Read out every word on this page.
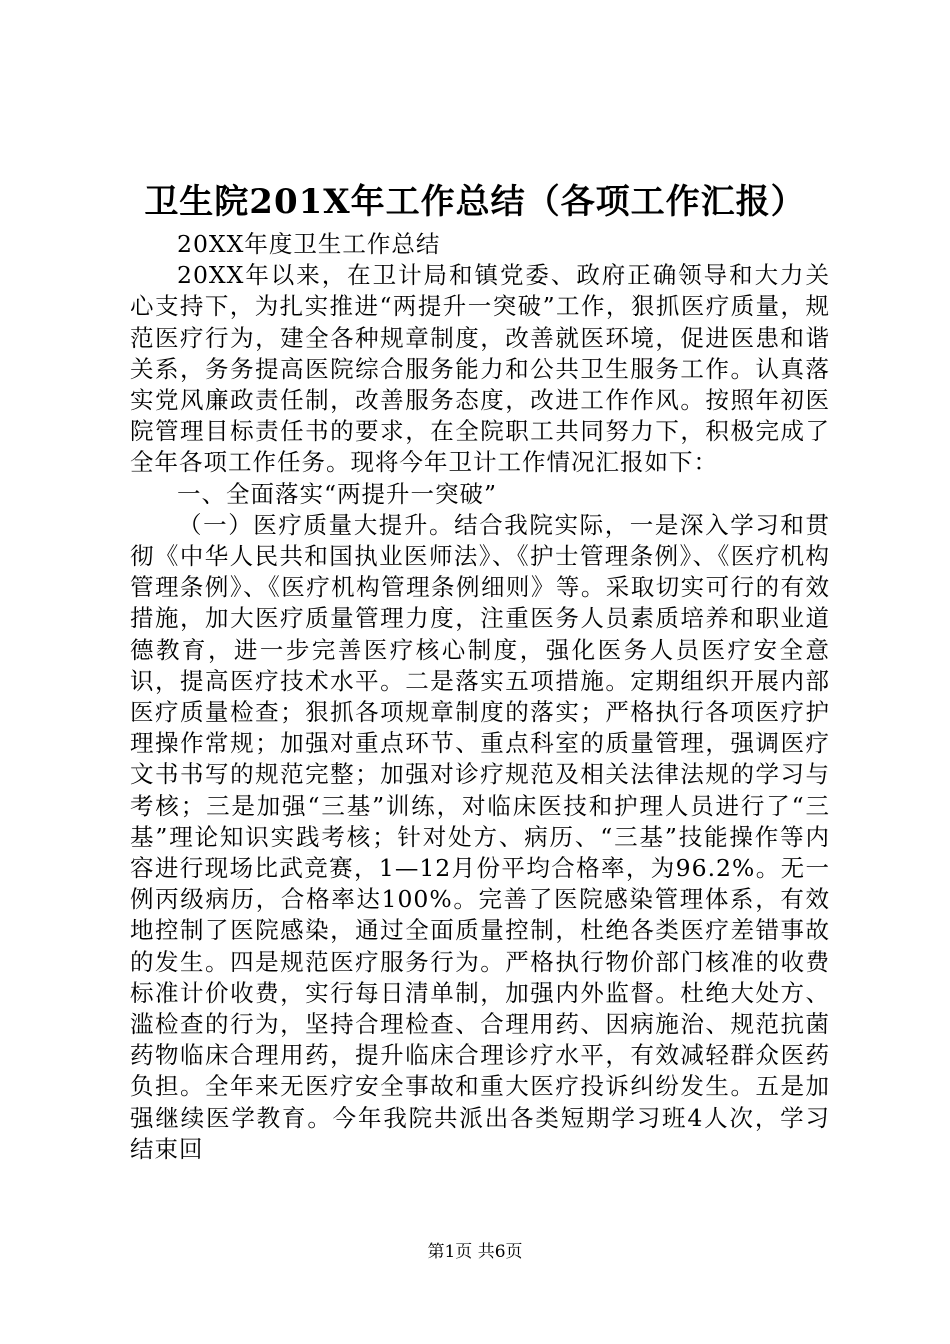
卫生院201X年工作总结（各项工作汇报）

20XX年度卫生工作总结

20XX年以来，在卫计局和镇党委、政府正确领导和大力关心支持下，为扎实推进“两提升一突破”工作，狠抓医疗质量，规范医疗行为，建全各种规章制度，改善就医环境，促进医患和谐关系，务务提高医院综合服务能力和公共卫生服务工作。认真落实党风廉政责任制，改善服务态度，改进工作作风。按照年初医院管理目标责任书的要求，在全院职工共同努力下，积极完成了全年各项工作任务。现将今年卫计工作情况汇报如下：

一、全面落实“两提升一突破”

（一）医疗质量大提升。结合我院实际，一是深入学习和贯彻《中华人民共和国执业医师法》、《护士管理条例》、《医疗机构管理条例》、《医疗机构管理条例细则》等。采取切实可行的有效措施，加大医疗质量管理力度，注重医务人员素质培养和职业道德教育，进一步完善医疗核心制度，强化医务人员医疗安全意识，提高医疗技术水平。二是落实五项措施。定期组织开展内部医疗质量检查；狠抓各项规章制度的落实；严格执行各项医疗护理操作常规；加强对重点环节、重点科室的质量管理，强调医疗文书书写的规范完整；加强对诊疗规范及相关法律法规的学习与考核；三是加强“三基”训练，对临床医技和护理人员进行了“三基”理论知识实践考核；针对处方、病历、“三基”技能操作等内容进行现场比武竞赛，1—12月份平均合格率，为96.2%。无一例丙级病历，合格率达100%。完善了医院感染管理体系，有效地控制了医院感染，通过全面质量控制，杜绝各类医疗差错事故的发生。四是规范医疗服务行为。严格执行物价部门核准的收费标准计价收费，实行每日清单制，加强内外监督。杜绝大处方、滥检查的行为，坚持合理检查、合理用药、因病施治、规范抗菌药物临床合理用药，提升临床合理诊疗水平，有效减轻群众医药负担。全年来无医疗安全事故和重大医疗投诉纠纷发生。五是加强继续医学教育。今年我院共派出各类短期学习班4人次，学习结束回

第1页 共6页
